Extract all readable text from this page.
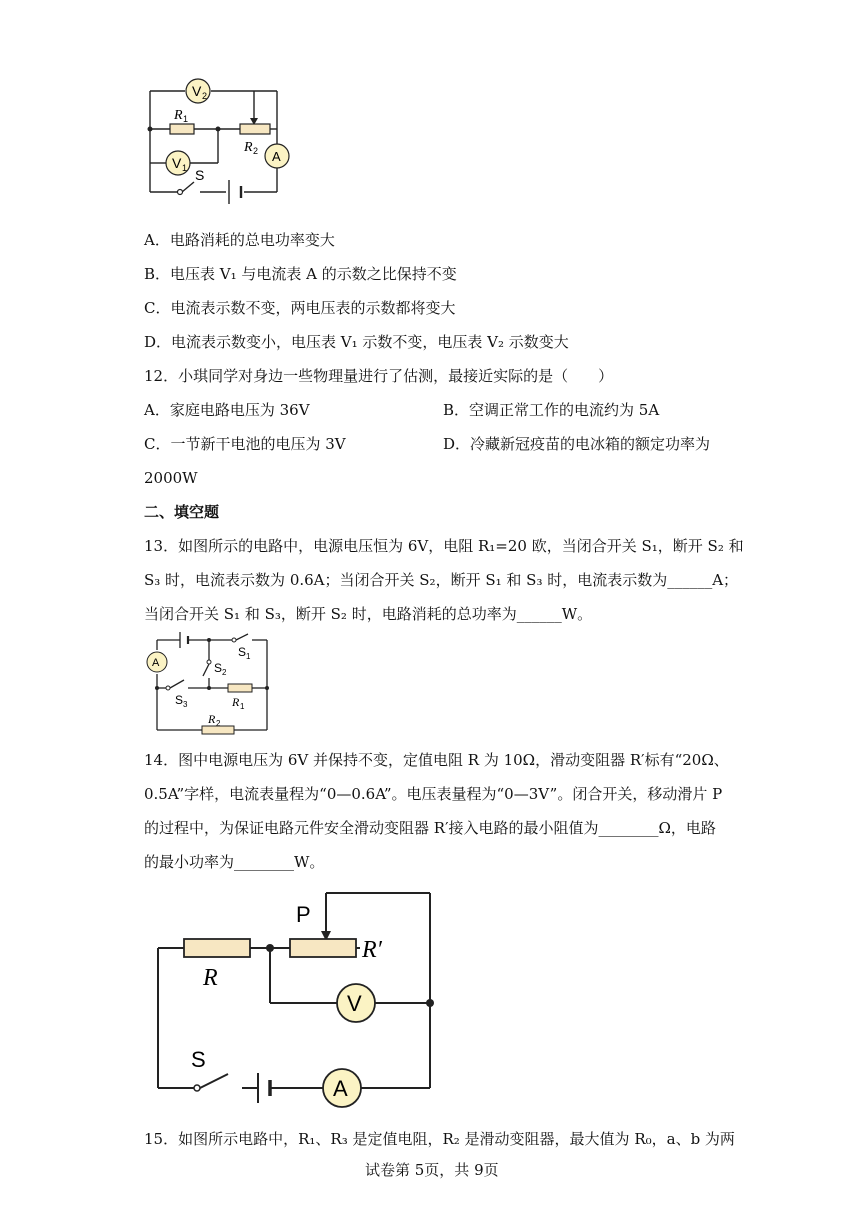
V 2
R 1
R 2
V 1
A
S
A．电路消耗的总电功率变大
B．电压表 V₁ 与电流表 A 的示数之比保持不变
C．电流表示数不变，两电压表的示数都将变大
D．电流表示数变小，电压表 V₁ 示数不变，电压表 V₂ 示数变大
12．小琪同学对身边一些物理量进行了估测，最接近实际的是（　　）
A．家庭电路电压为 36V	B．空调正常工作的电流约为 5A
C．一节新干电池的电压为 3V	D．冷藏新冠疫苗的电冰箱的额定功率为
2000W
二、填空题
13．如图所示的电路中，电源电压恒为 6V，电阻 R₁=20 欧，当闭合开关 S₁，断开 S₂ 和
S₃ 时，电流表示数为 0.6A；当闭合开关 S₂，断开 S₁ 和 S₃ 时，电流表示数为______A；
当闭合开关 S₁ 和 S₃，断开 S₂ 时，电路消耗的总功率为______W。
A
S 1
S 2
S 3	R 1
R 2
14．图中电源电压为 6V 并保持不变，定值电阻 R 为 10Ω，滑动变阻器 R′标有“20Ω、
0.5A”字样，电流表量程为“0—0.6A”。电压表量程为“0—3V”。闭合开关，移动滑片 P
的过程中，为保证电路元件安全滑动变阻器 R′接入电路的最小阻值为________Ω，电路
的最小功率为________W。
P
R′
R
V
S
A
15．如图所示电路中，R₁、R₃ 是定值电阻，R₂ 是滑动变阻器，最大值为 R₀，a、b 为两
试卷第 5页，共 9页
